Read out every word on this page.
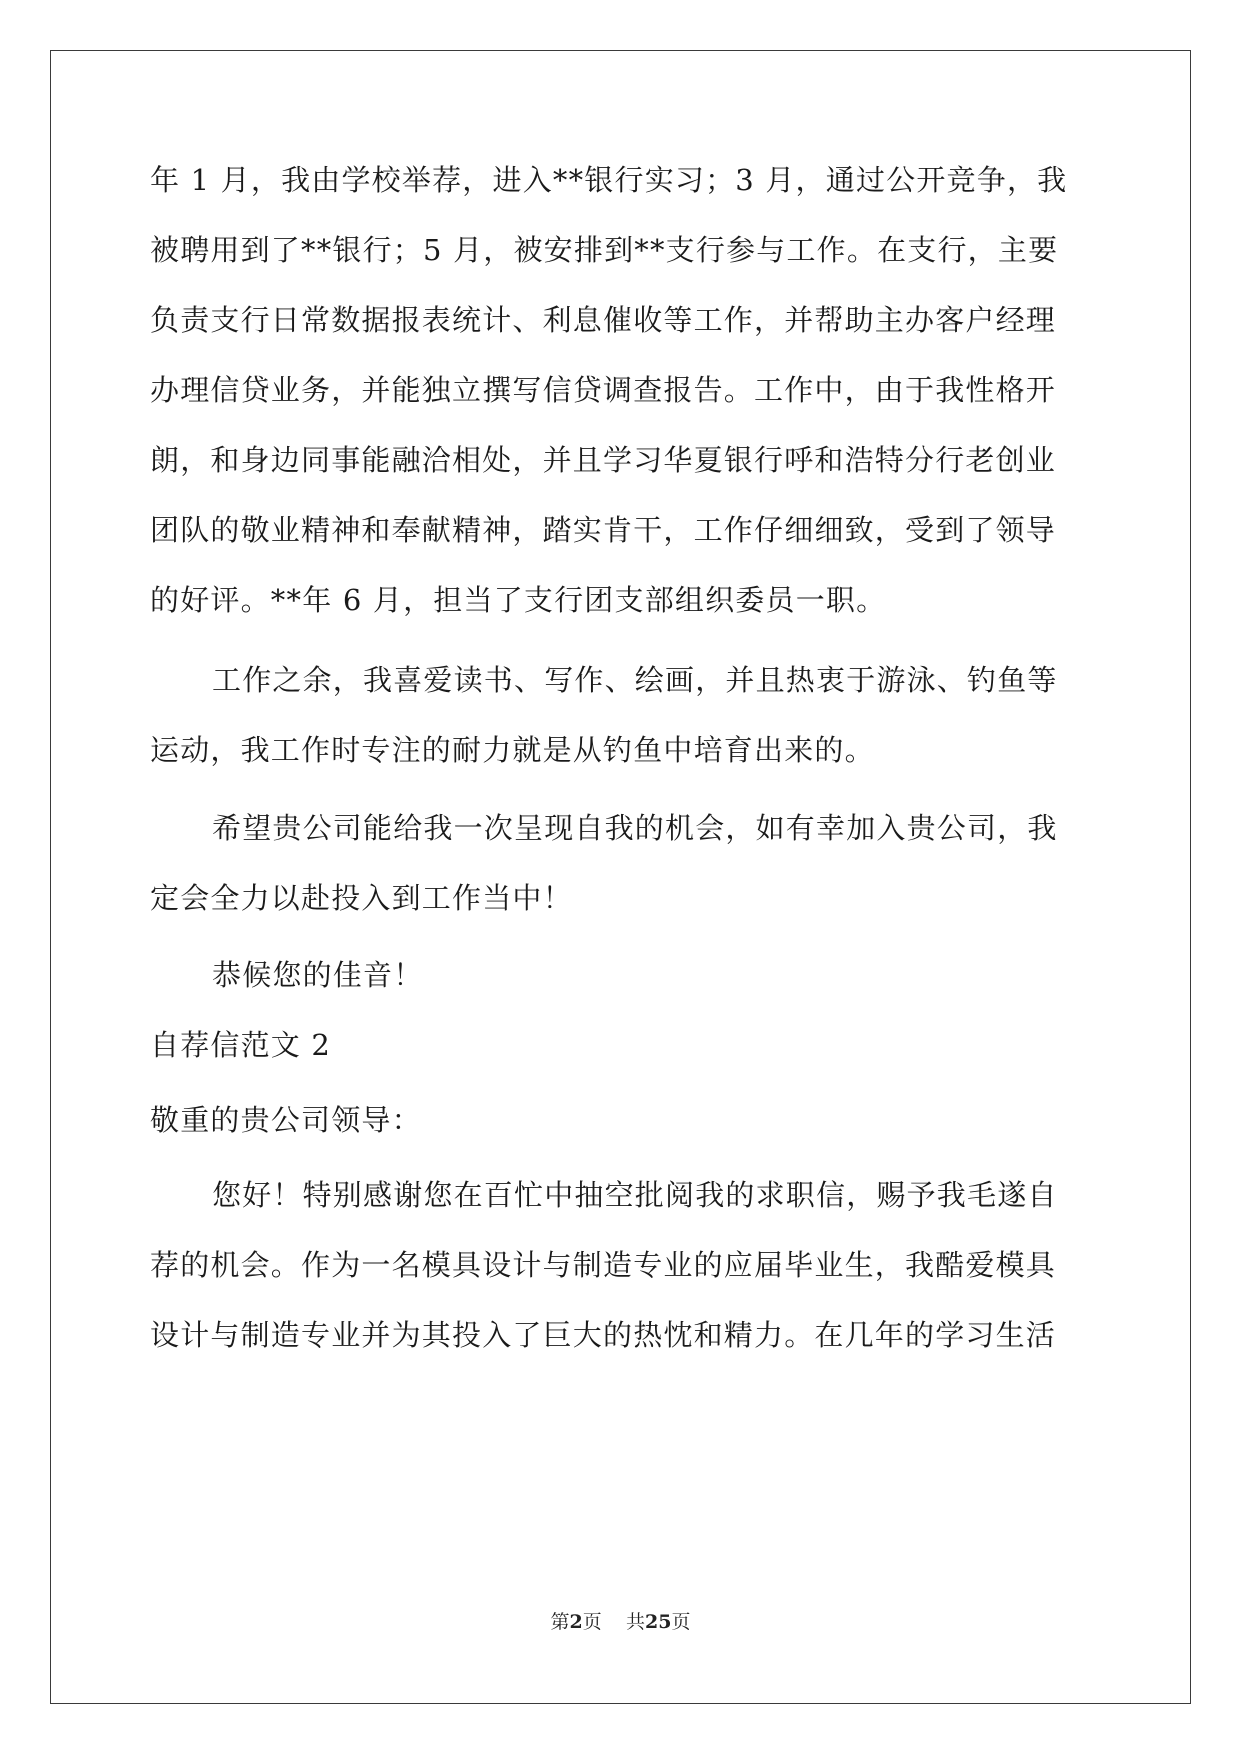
年 1 月，我由学校举荐，进入**银行实习；3 月，通过公开竞争，我
被聘用到了**银行；5 月，被安排到**支行参与工作。在支行，主要
负责支行日常数据报表统计、利息催收等工作，并帮助主办客户经理
办理信贷业务，并能独立撰写信贷调查报告。工作中，由于我性格开
朗，和身边同事能融洽相处，并且学习华夏银行呼和浩特分行老创业
团队的敬业精神和奉献精神，踏实肯干，工作仔细细致，受到了领导
的好评。**年 6 月，担当了支行团支部组织委员一职。
工作之余，我喜爱读书、写作、绘画，并且热衷于游泳、钓鱼等
运动，我工作时专注的耐力就是从钓鱼中培育出来的。
希望贵公司能给我一次呈现自我的机会，如有幸加入贵公司，我
定会全力以赴投入到工作当中！
恭候您的佳音！
自荐信范文 2
敬重的贵公司领导：
您好！特别感谢您在百忙中抽空批阅我的求职信，赐予我毛遂自
荐的机会。作为一名模具设计与制造专业的应届毕业生，我酷爱模具
设计与制造专业并为其投入了巨大的热忱和精力。在几年的学习生活
第2页 共25页
